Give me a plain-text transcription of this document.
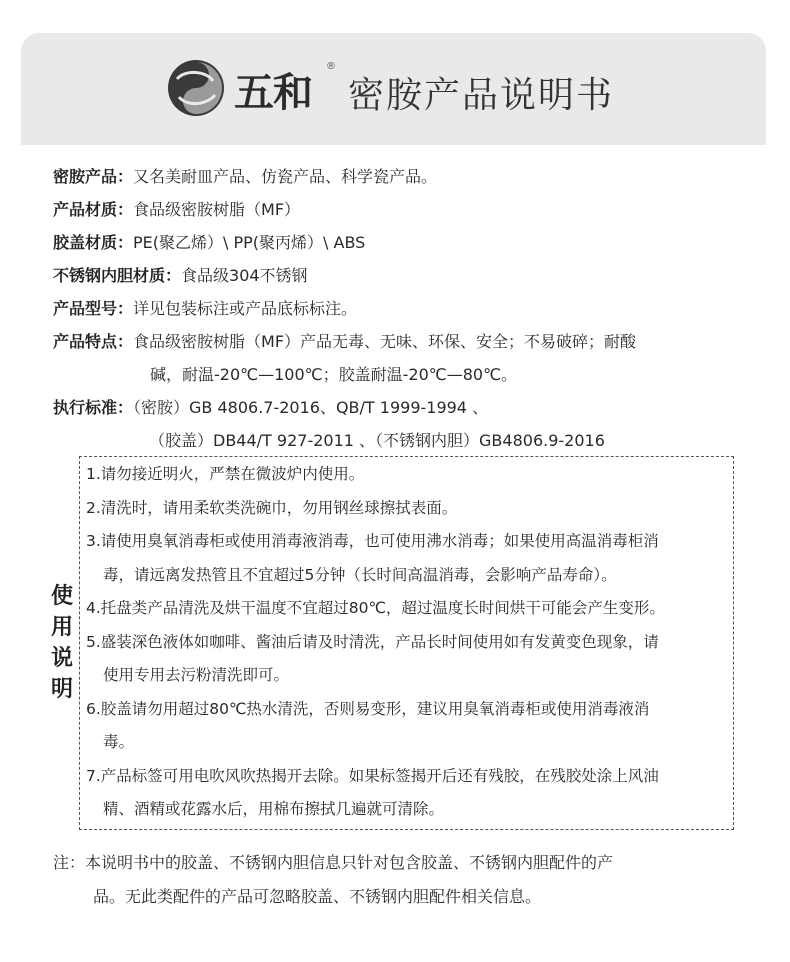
五和
®
密胺产品说明书
密胺产品：又名美耐皿产品、仿瓷产品、科学瓷产品。
产品材质：食品级密胺树脂（MF）
胶盖材质：PE(聚乙烯）\ PP(聚丙烯）\ ABS
不锈钢内胆材质：食品级304不锈钢
产品型号：详见包装标注或产品底标标注。
产品特点：食品级密胺树脂（MF）产品无毒、无味、环保、安全；不易破碎；耐酸
碱，耐温-20℃—100℃；胶盖耐温-20℃—80℃。
执行标准：（密胺）GB 4806.7-2016、QB/T 1999-1994 、
（胶盖）DB44/T 927-2011 、（不锈钢内胆）GB4806.9-2016
使
用
说
明
1.请勿接近明火，严禁在微波炉内使用。
2.清洗时，请用柔软类洗碗巾，勿用钢丝球擦拭表面。
3.请使用臭氧消毒柜或使用消毒液消毒，也可使用沸水消毒；如果使用高温消毒柜消
毒，请远离发热管且不宜超过5分钟（长时间高温消毒，会影响产品寿命）。
4.托盘类产品清洗及烘干温度不宜超过80℃，超过温度长时间烘干可能会产生变形。
5.盛装深色液体如咖啡、酱油后请及时清洗，产品长时间使用如有发黄变色现象，请
使用专用去污粉清洗即可。
6.胶盖请勿用超过80℃热水清洗，否则易变形，建议用臭氧消毒柜或使用消毒液消
毒。
7.产品标签可用电吹风吹热揭开去除。如果标签揭开后还有残胶，在残胶处涂上风油
精、酒精或花露水后，用棉布擦拭几遍就可清除。
注：本说明书中的胶盖、不锈钢内胆信息只针对包含胶盖、不锈钢内胆配件的产
品。无此类配件的产品可忽略胶盖、不锈钢内胆配件相关信息。
